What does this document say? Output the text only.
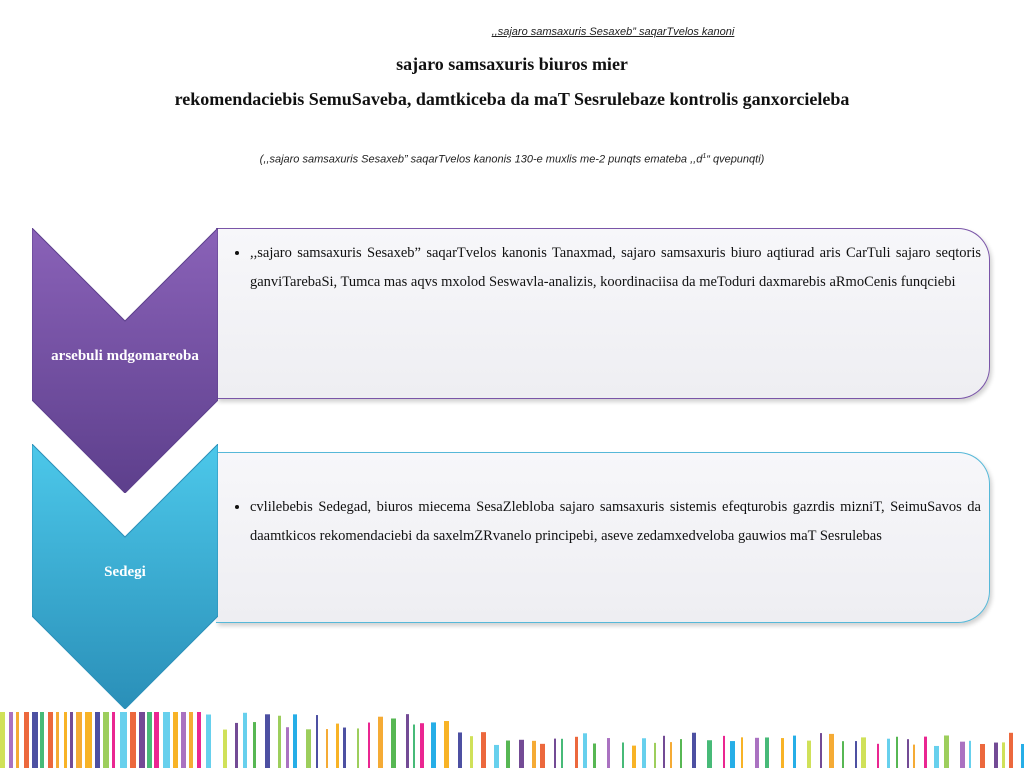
,,sajaro samsaxuris Sesaxeb” saqarTvelos kanoni
sajaro samsaxuris biuros mier
rekomendaciebis SemuSaveba, damtkiceba da maT Sesrulebaze kontrolis ganxorcieleba
(,,sajaro samsaxuris Sesaxeb” saqarTvelos kanonis 130-e muxlis me-2 punqts emateba $,,d^1“$ qvepunqti)
• ,,sajaro samsaxuris Sesaxeb” saqarTvelos kanonis Tanaxmad, sajaro samsaxuris biuro aqtiurad aris CarTuli sajaro seqtoris ganviTarebaSi, Tumca mas aqvs mxolod Seswavla-analizis, koordinaciisa da meToduri daxmarebis aRmoCenis funqciebi
arsebuli mdgomareoba
• cvlilebebis Sedegad, biuros miecema SesaZlebloba sajaro samsaxuris sistemis efeqturobis gazrdis mizniT, SeimuSavos da daamtkicos rekomendaciebi da saxelmZRvanelo principebi, aseve zedamxedveloba gauwios maT Sesrulebas
Sedegi
